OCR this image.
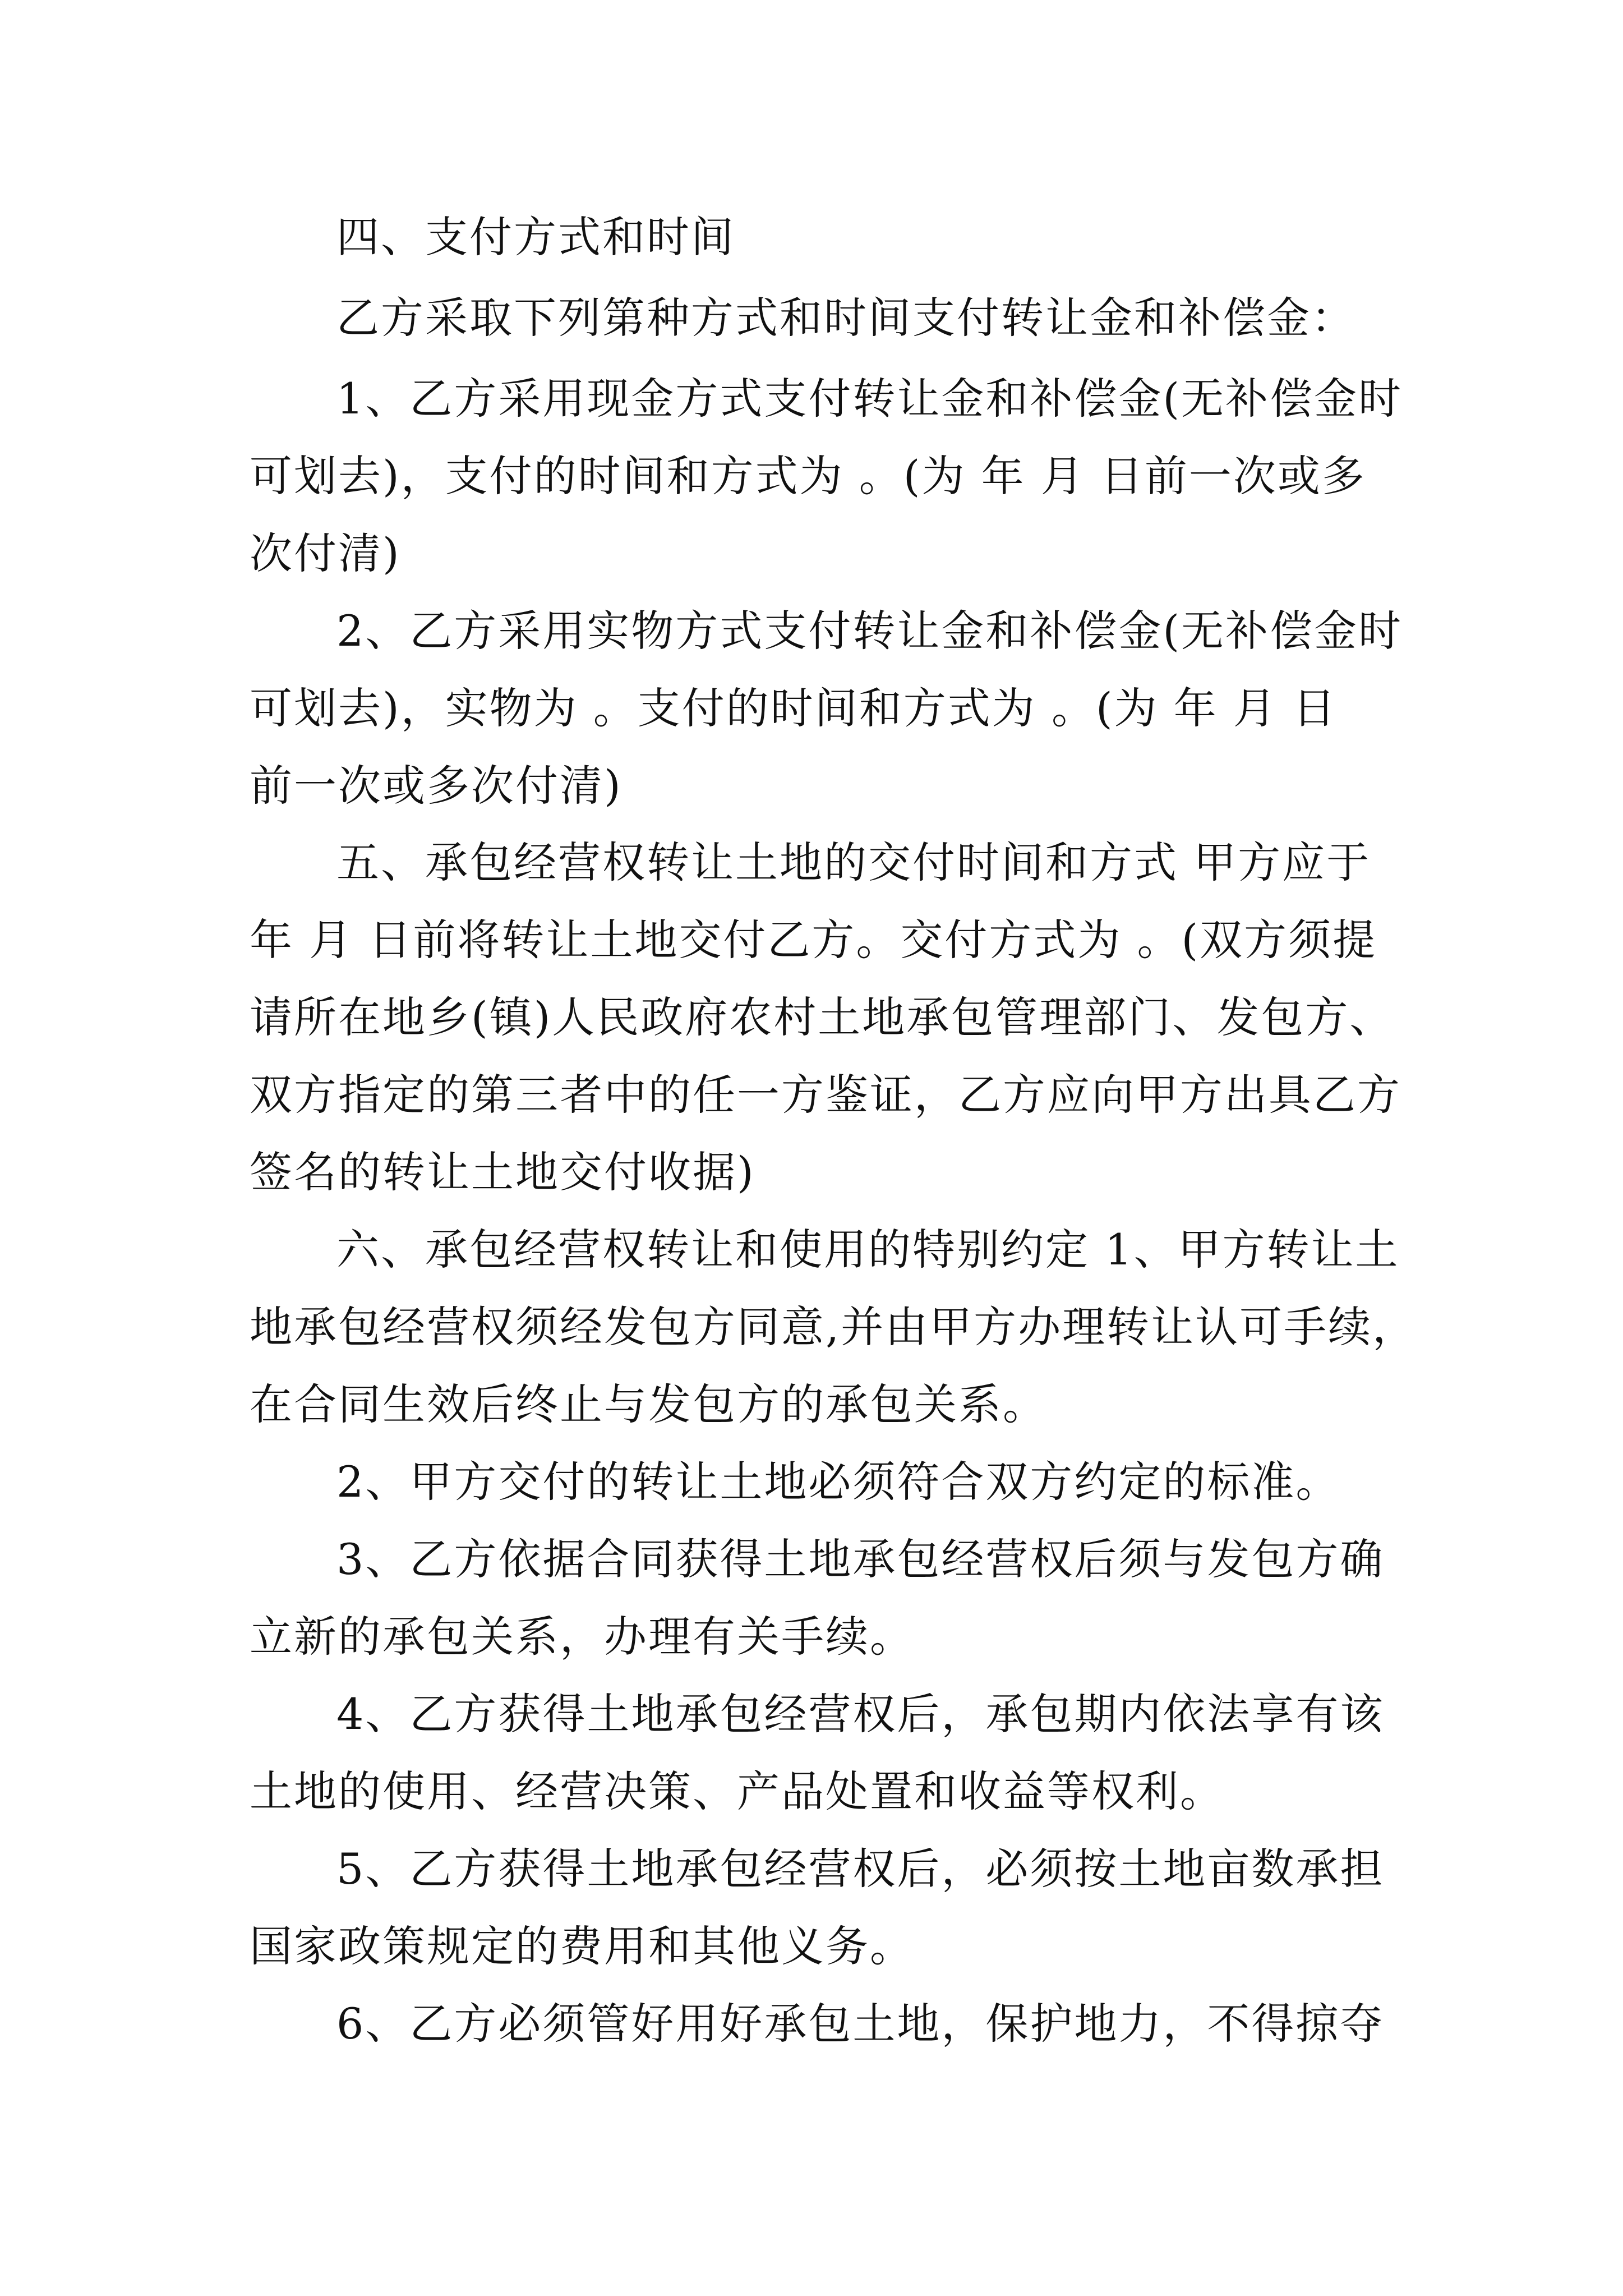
四、支付方式和时间
乙方采取下列第种方式和时间支付转让金和补偿金：
1、乙方采用现金方式支付转让金和补偿金(无补偿金时
可划去)，支付的时间和方式为 。(为 年 月 日前一次或多
次付清)
2、乙方采用实物方式支付转让金和补偿金(无补偿金时
可划去)，实物为 。支付的时间和方式为 。(为 年 月 日
前一次或多次付清)
五、承包经营权转让土地的交付时间和方式 甲方应于
年 月 日前将转让土地交付乙方。交付方式为 。(双方须提
请所在地乡(镇)人民政府农村土地承包管理部门、发包方、
双方指定的第三者中的任一方鉴证，乙方应向甲方出具乙方
签名的转让土地交付收据)
六、承包经营权转让和使用的特别约定 1、甲方转让土
地承包经营权须经发包方同意,并由甲方办理转让认可手续，
在合同生效后终止与发包方的承包关系。
2、甲方交付的转让土地必须符合双方约定的标准。
3、乙方依据合同获得土地承包经营权后须与发包方确
立新的承包关系，办理有关手续。
4、乙方获得土地承包经营权后，承包期内依法享有该
土地的使用、经营决策、产品处置和收益等权利。
5、乙方获得土地承包经营权后，必须按土地亩数承担
国家政策规定的费用和其他义务。
6、乙方必须管好用好承包土地，保护地力，不得掠夺
